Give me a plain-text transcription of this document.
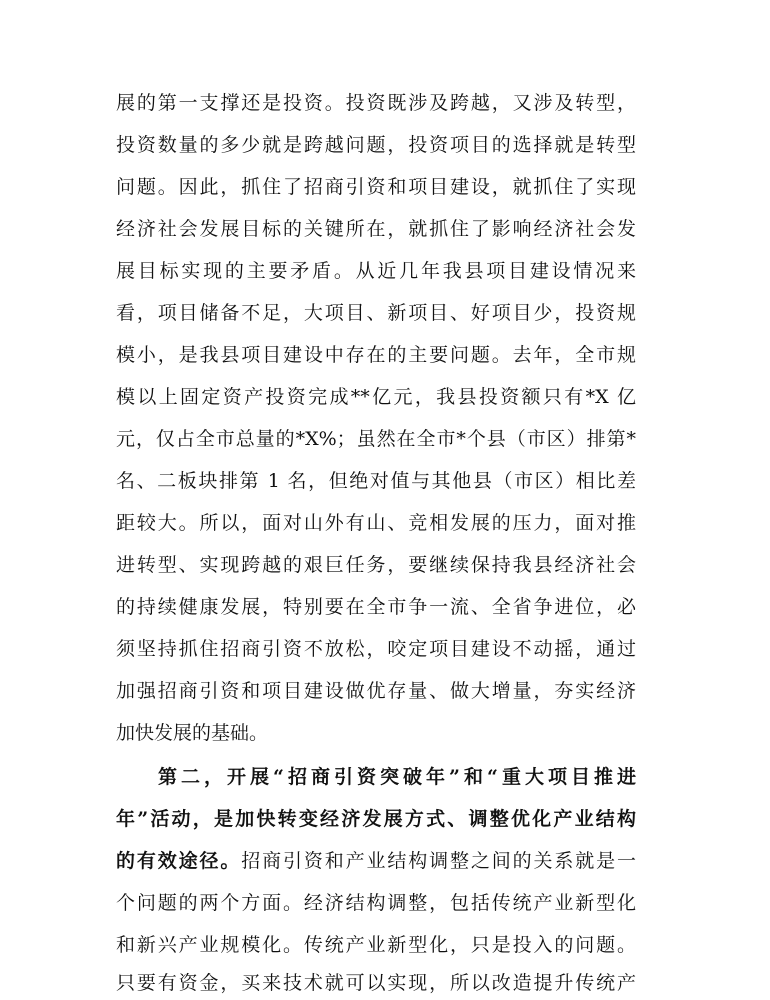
展的第一支撑还是投资。投资既涉及跨越，又涉及转型，
投资数量的多少就是跨越问题，投资项目的选择就是转型
问题。因此，抓住了招商引资和项目建设，就抓住了实现
经济社会发展目标的关键所在，就抓住了影响经济社会发
展目标实现的主要矛盾。从近几年我县项目建设情况来
看，项目储备不足，大项目、新项目、好项目少，投资规
模小，是我县项目建设中存在的主要问题。去年，全市规
模以上固定资产投资完成**亿元，我县投资额只有*X 亿
元，仅占全市总量的*X%；虽然在全市*个县（市区）排第*
名、二板块排第 1 名，但绝对值与其他县（市区）相比差
距较大。所以，面对山外有山、竞相发展的压力，面对推
进转型、实现跨越的艰巨任务，要继续保持我县经济社会
的持续健康发展，特别要在全市争一流、全省争进位，必
须坚持抓住招商引资不放松，咬定项目建设不动摇，通过
加强招商引资和项目建设做优存量、做大增量，夯实经济
加快发展的基础。
第二，开展“招商引资突破年”和“重大项目推进
年”活动，是加快转变经济发展方式、调整优化产业结构
的有效途径。招商引资和产业结构调整之间的关系就是一
个问题的两个方面。经济结构调整，包括传统产业新型化
和新兴产业规模化。传统产业新型化，只是投入的问题。
只要有资金，买来技术就可以实现，所以改造提升传统产
